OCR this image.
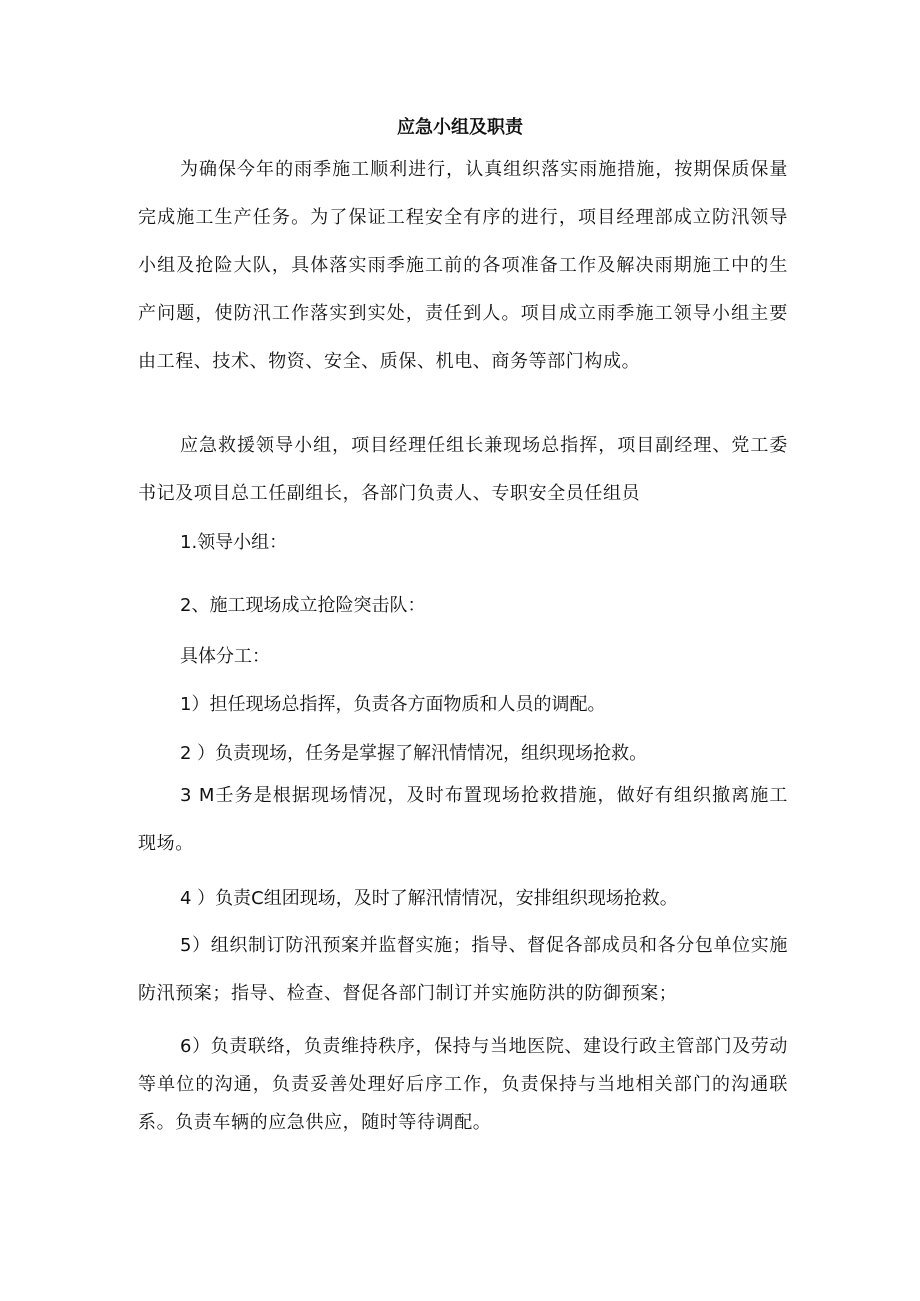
应急小组及职责
为确保今年的雨季施工顺利进行，认真组织落实雨施措施，按期保质保量完成施工生产任务。为了保证工程安全有序的进行，项目经理部成立防汛领导小组及抢险大队，具体落实雨季施工前的各项准备工作及解决雨期施工中的生产问题，使防汛工作落实到实处，责任到人。项目成立雨季施工领导小组主要由工程、技术、物资、安全、质保、机电、商务等部门构成。
应急救援领导小组，项目经理任组长兼现场总指挥，项目副经理、党工委书记及项目总工任副组长，各部门负责人、专职安全员任组员
1.领导小组：
2、施工现场成立抢险突击队：
具体分工：
1）担任现场总指挥，负责各方面物质和人员的调配。
2 ）负责现场，任务是掌握了解汛情情况，组织现场抢救。
3 M壬务是根据现场情况，及时布置现场抢救措施，做好有组织撤离施工现场。
4 ）负责C组团现场，及时了解汛情情况，安排组织现场抢救。
5）组织制订防汛预案并监督实施；指导、督促各部成员和各分包单位实施防汛预案；指导、检查、督促各部门制订并实施防洪的防御预案；
6）负责联络，负责维持秩序，保持与当地医院、建设行政主管部门及劳动等单位的沟通，负责妥善处理好后序工作，负责保持与当地相关部门的沟通联系。负责车辆的应急供应，随时等待调配。
